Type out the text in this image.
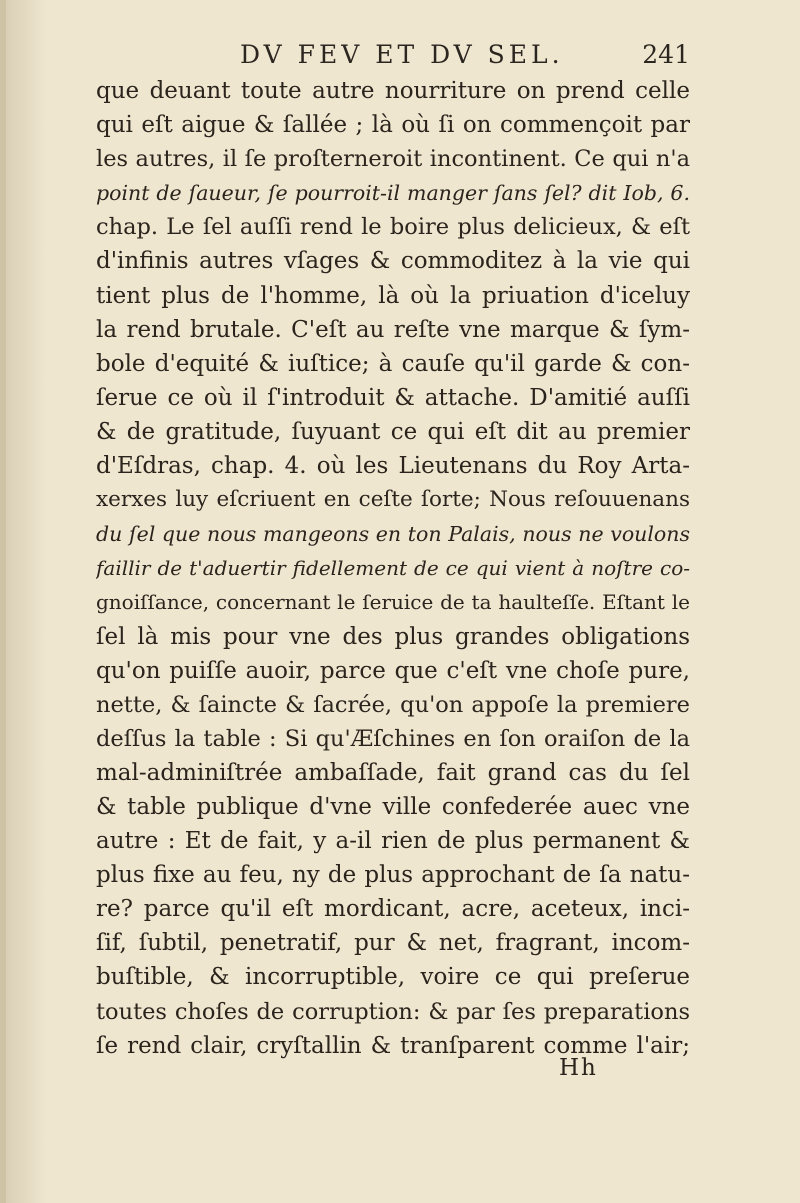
DV FEV ET DV SEL.	241
que deuant toute autre nourriture on prend celle
qui eſt aigue & ſallée ; là où ſi on commençoit par
les autres, il ſe proſterneroit incontinent. Ce qui n'a
point de ſaueur, ſe pourroit-il manger ſans ſel? dit Iob, 6.
chap. Le ſel auſſi rend le boire plus delicieux, & eſt
d'infinis autres vſages & commoditez à la vie qui
tient plus de l'homme, là où la priuation d'iceluy
la rend brutale. C'eſt au reſte vne marque & ſym-
bole d'equité & iuſtice; à cauſe qu'il garde & con-
ſerue ce où il ſ'introduit & attache. D'amitié auſſi
& de gratitude, ſuyuant ce qui eſt dit au premier
d'Eſdras, chap. 4. où les Lieutenans du Roy Arta-
xerxes luy eſcriuent en ceſte ſorte; Nous reſouuenans
du ſel que nous mangeons en ton Palais, nous ne voulons
faillir de t'aduertir fidellement de ce qui vient à noſtre co-
gnoiſſance, concernant le ſeruice de ta haulteſſe. Eſtant le
ſel là mis pour vne des plus grandes obligations
qu'on puiſſe auoir, parce que c'eſt vne choſe pure,
nette, & ſaincte & ſacrée, qu'on appoſe la premiere
deſſus la table : Si qu'Æſchines en ſon oraiſon de la
mal-adminiſtrée ambaſſade, fait grand cas du ſel
& table publique d'vne ville confederée auec vne
autre : Et de fait, y a-il rien de plus permanent &
plus fixe au feu, ny de plus approchant de ſa natu-
re? parce qu'il eſt mordicant, acre, aceteux, inci-
ſif, ſubtil, penetratif, pur & net, fragrant, incom-
buſtible, & incorruptible, voire ce qui preſerue
toutes choſes de corruption: & par ſes preparations
ſe rend clair, cryſtallin & tranſparent comme l'air;
Hh
